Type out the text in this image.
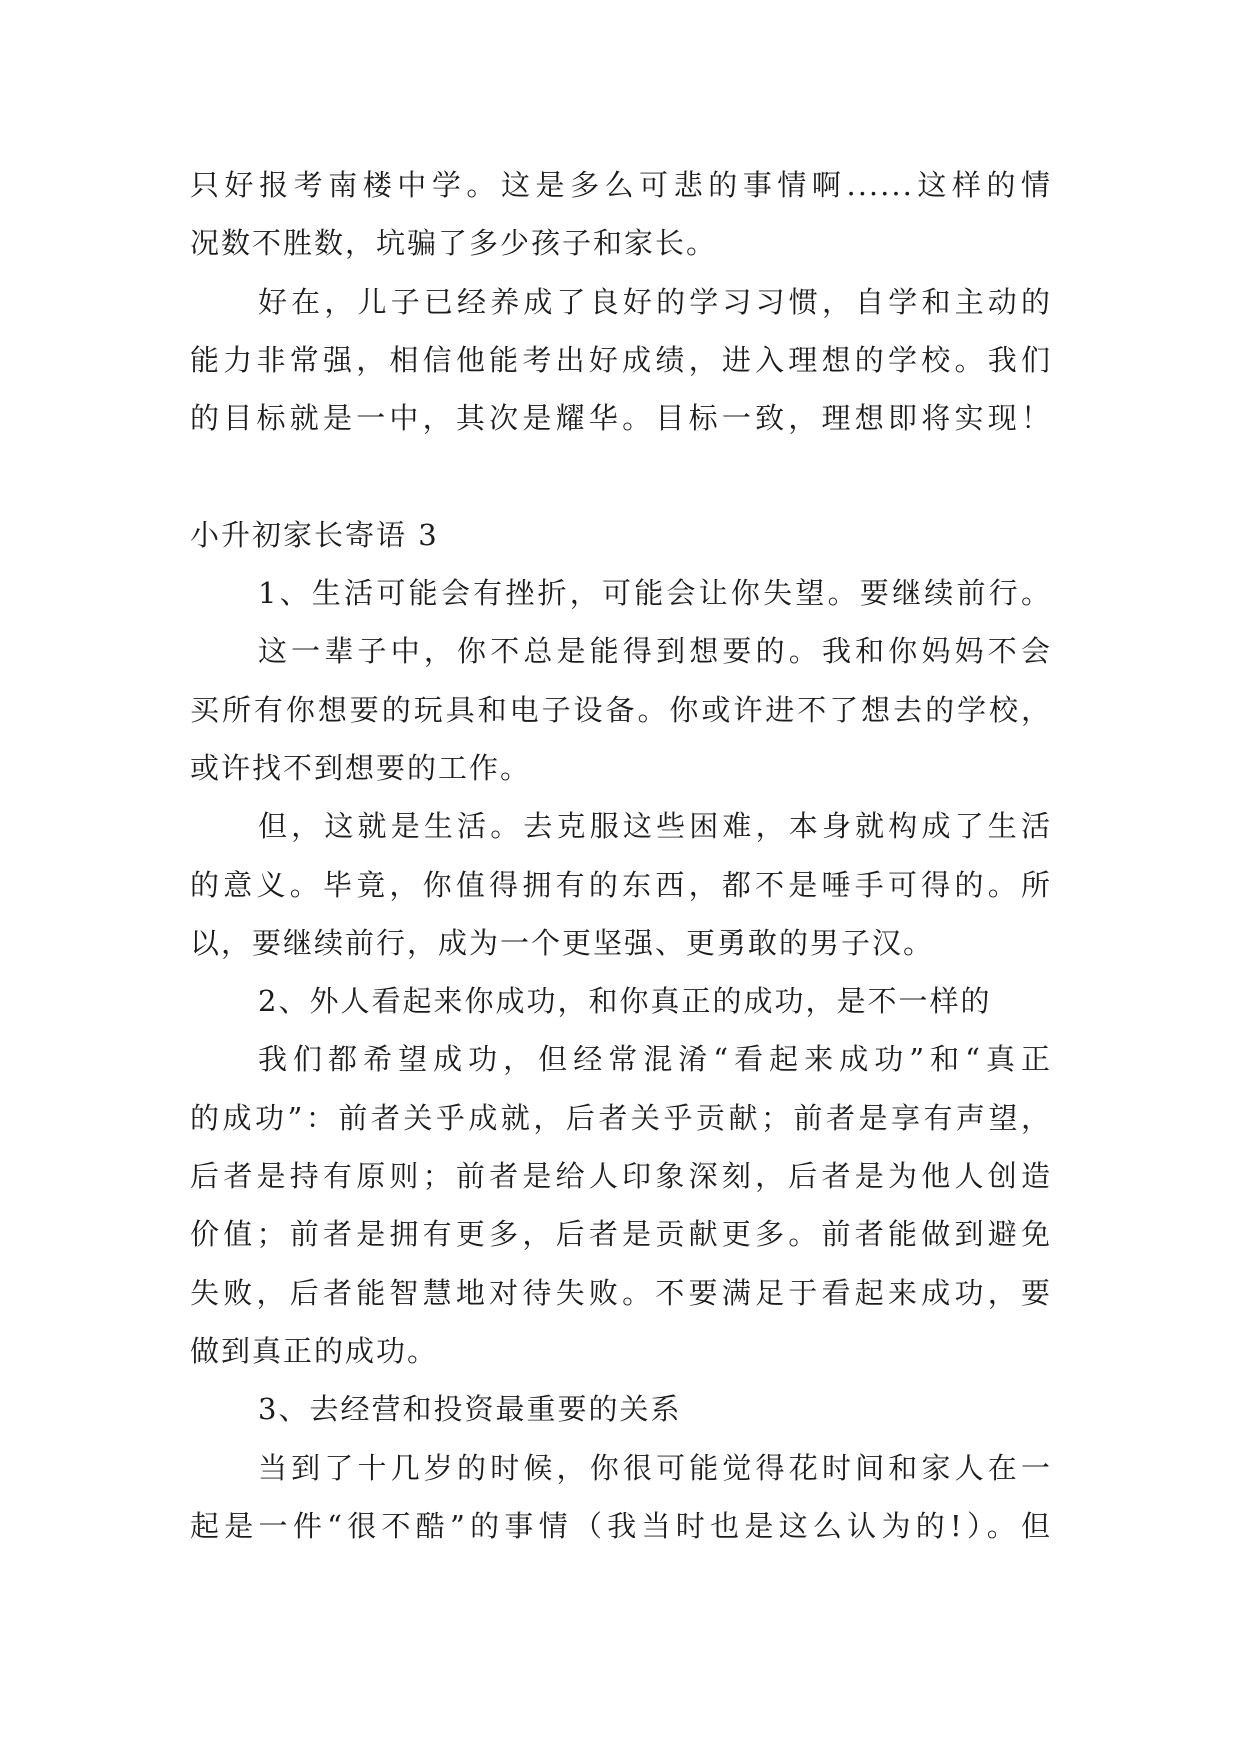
只好报考南楼中学。这是多么可悲的事情啊......这样的情
况数不胜数，坑骗了多少孩子和家长。
好在，儿子已经养成了良好的学习习惯，自学和主动的
能力非常强，相信他能考出好成绩，进入理想的学校。我们
的目标就是一中，其次是耀华。目标一致，理想即将实现！
小升初家长寄语 3
1、生活可能会有挫折，可能会让你失望。要继续前行。
这一辈子中，你不总是能得到想要的。我和你妈妈不会
买所有你想要的玩具和电子设备。你或许进不了想去的学校，
或许找不到想要的工作。
但，这就是生活。去克服这些困难，本身就构成了生活
的意义。毕竟，你值得拥有的东西，都不是唾手可得的。所
以，要继续前行，成为一个更坚强、更勇敢的男子汉。
2、外人看起来你成功，和你真正的成功，是不一样的
我们都希望成功，但经常混淆“看起来成功”和“真正
的成功”：前者关乎成就，后者关乎贡献；前者是享有声望，
后者是持有原则；前者是给人印象深刻，后者是为他人创造
价值；前者是拥有更多，后者是贡献更多。前者能做到避免
失败，后者能智慧地对待失败。不要满足于看起来成功，要
做到真正的成功。
3、去经营和投资最重要的关系
当到了十几岁的时候，你很可能觉得花时间和家人在一
起是一件“很不酷”的事情（我当时也是这么认为的!）。但
